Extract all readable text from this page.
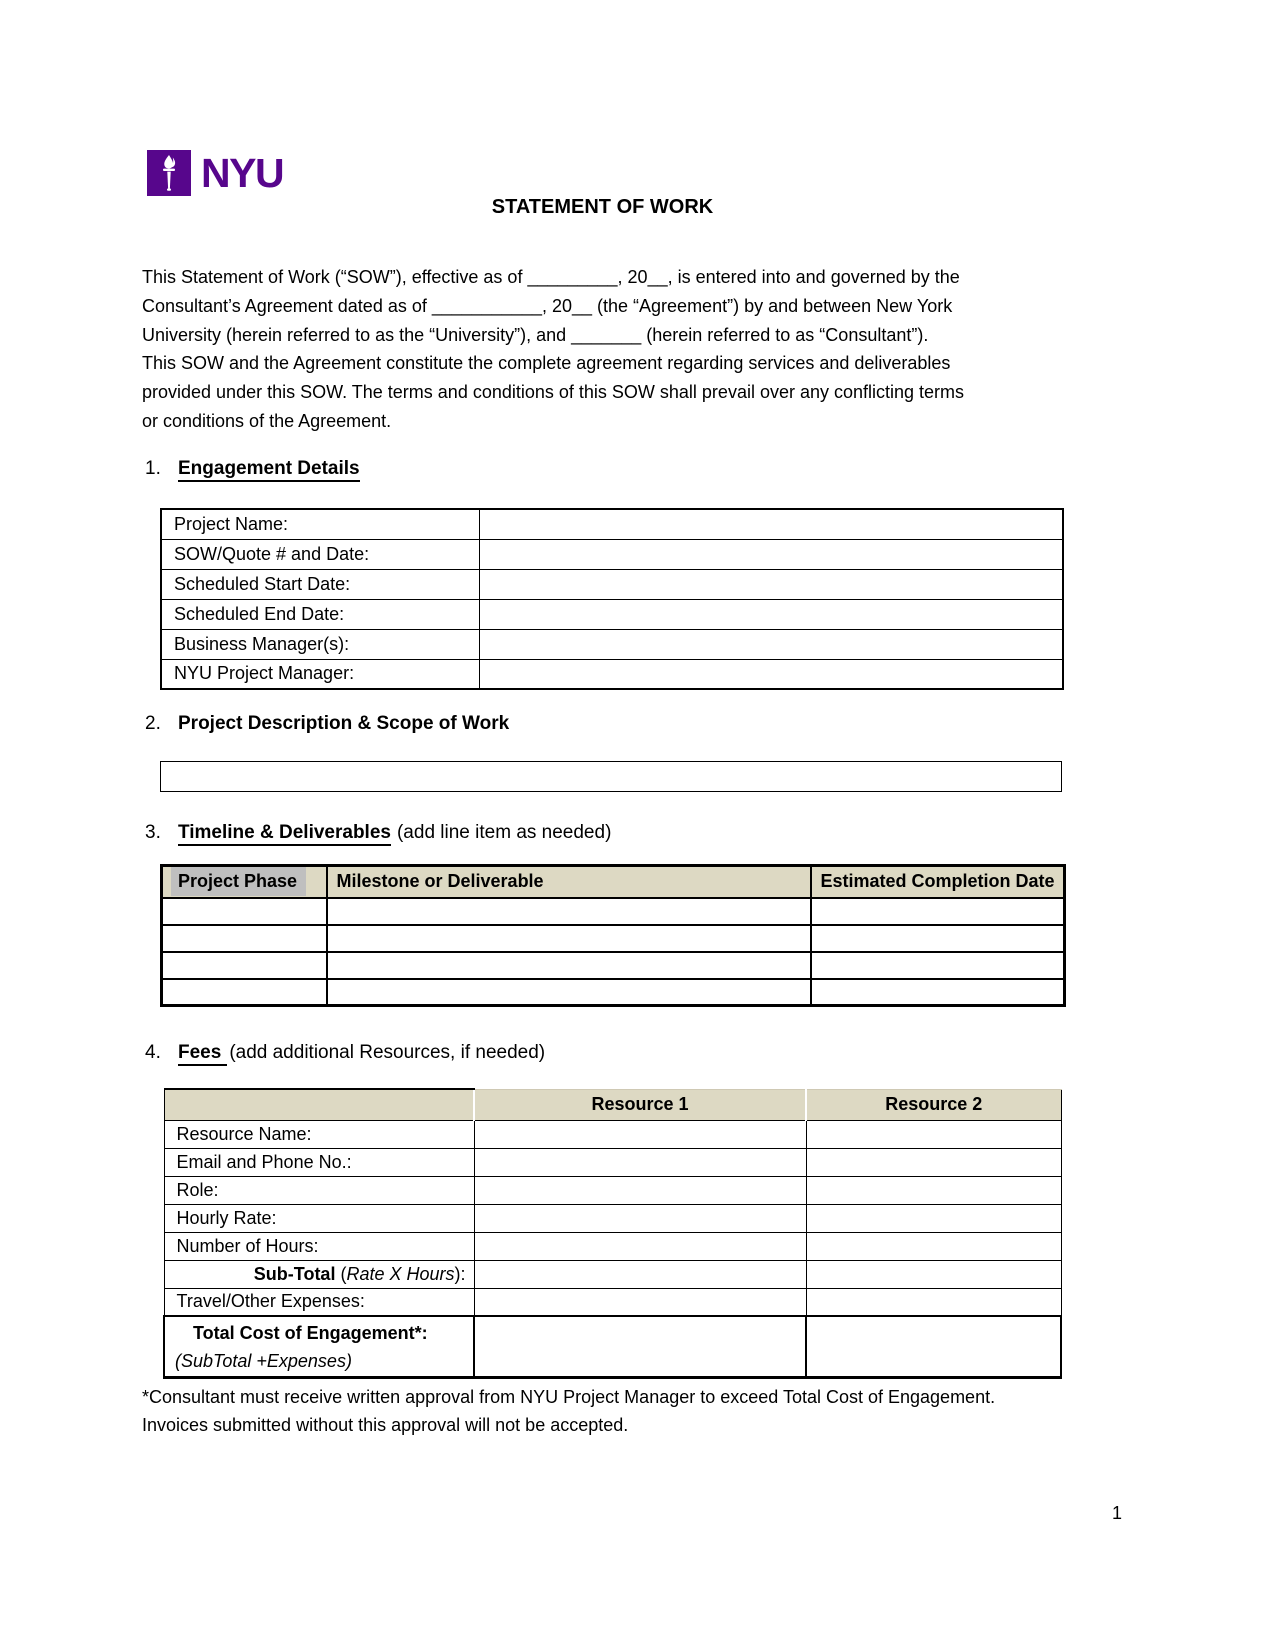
NYU
STATEMENT OF WORK
This Statement of Work (“SOW”), effective as of _________, 20__, is entered into and governed by the
Consultant’s Agreement dated as of ___________, 20__ (the “Agreement”) by and between New York
University (herein referred to as the “University”), and _______ (herein referred to as “Consultant”).
This SOW and the Agreement constitute the complete agreement regarding services and deliverables
provided under this SOW. The terms and conditions of this SOW shall prevail over any conflicting terms
or conditions of the Agreement.
1. Engagement Details
Project Name:	
SOW/Quote # and Date:	
Scheduled Start Date:	
Scheduled End Date:	
Business Manager(s):	
NYU Project Manager:	
2. Project Description & Scope of Work
3. Timeline & Deliverables (add line item as needed)
Project Phase	Milestone or Deliverable	Estimated Completion Date

4. Fees (add additional Resources, if needed)
	Resource 1	Resource 2
Resource Name:		
Email and Phone No.:		
Role:		
Hourly Rate:		
Number of Hours:		
Sub-Total (Rate X Hours):		
Travel/Other Expenses:		

Total Cost of Engagement*:
(SubTotal +Expenses)		

*Consultant must receive written approval from NYU Project Manager to exceed Total Cost of Engagement.
Invoices submitted without this approval will not be accepted.
1
